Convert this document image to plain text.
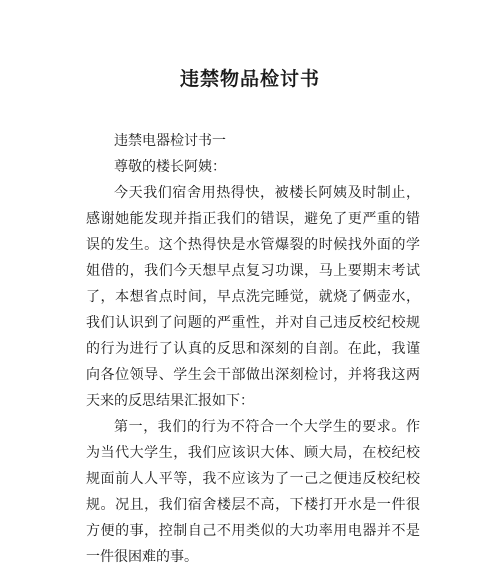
违禁物品检讨书

违禁电器检讨书一

尊敬的楼长阿姨：

今天我们宿舍用热得快，被楼长阿姨及时制止，感谢她能发现并指正我们的错误，避免了更严重的错误的发生。这个热得快是水管爆裂的时候找外面的学姐借的，我们今天想早点复习功课，马上要期末考试了，本想省点时间，早点洗完睡觉，就烧了俩壶水，我们认识到了问题的严重性，并对自己违反校纪校规的行为进行了认真的反思和深刻的自剖。在此，我谨向各位领导、学生会干部做出深刻检讨，并将我这两天来的反思结果汇报如下：

第一，我们的行为不符合一个大学生的要求。作为当代大学生，我们应该识大体、顾大局，在校纪校规面前人人平等，我不应该为了一己之便违反校纪校规。况且，我们宿舍楼层不高，下楼打开水是一件很方便的事，控制自己不用类似的大功率用电器并不是一件很困难的事。
